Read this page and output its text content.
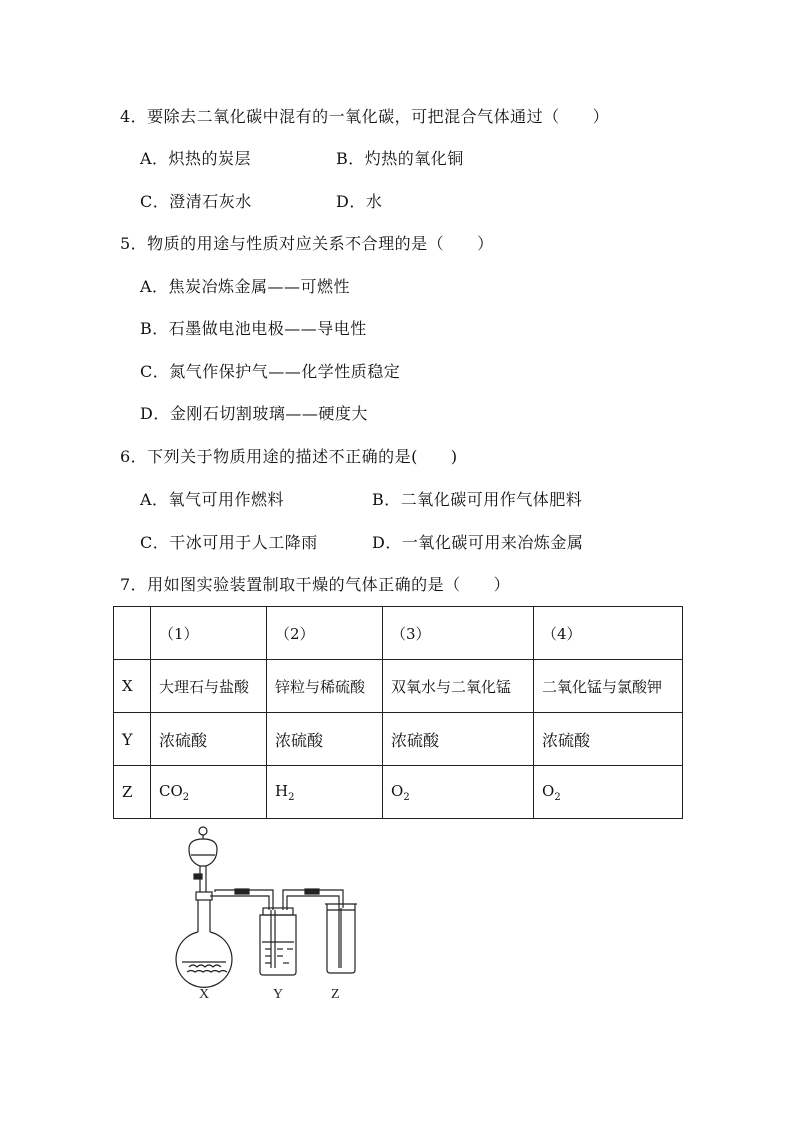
4．要除去二氧化碳中混有的一氧化碳，可把混合气体通过（　　）
A．炽热的炭层	B．灼热的氧化铜
C．澄清石灰水	D．水
5．物质的用途与性质对应关系不合理的是（　　）
A．焦炭冶炼金属——可燃性
B．石墨做电池电极——导电性
C．氮气作保护气——化学性质稳定
D．金刚石切割玻璃——硬度大
6．下列关于物质用途的描述不正确的是(　　)
A．氧气可用作燃料	B．二氧化碳可用作气体肥料
C．干冰可用于人工降雨	D．一氧化碳可用来冶炼金属
7．用如图实验装置制取干燥的气体正确的是（　　）
	（1）	（2）	（3）	（4）
X	大理石与盐酸	锌粒与稀硫酸	双氧水与二氧化锰	二氧化锰与氯酸钾
Y	浓硫酸	浓硫酸	浓硫酸	浓硫酸
Z	$CO_2$	$H_2$	$O_2$	$O_2$
X	Y	Z
